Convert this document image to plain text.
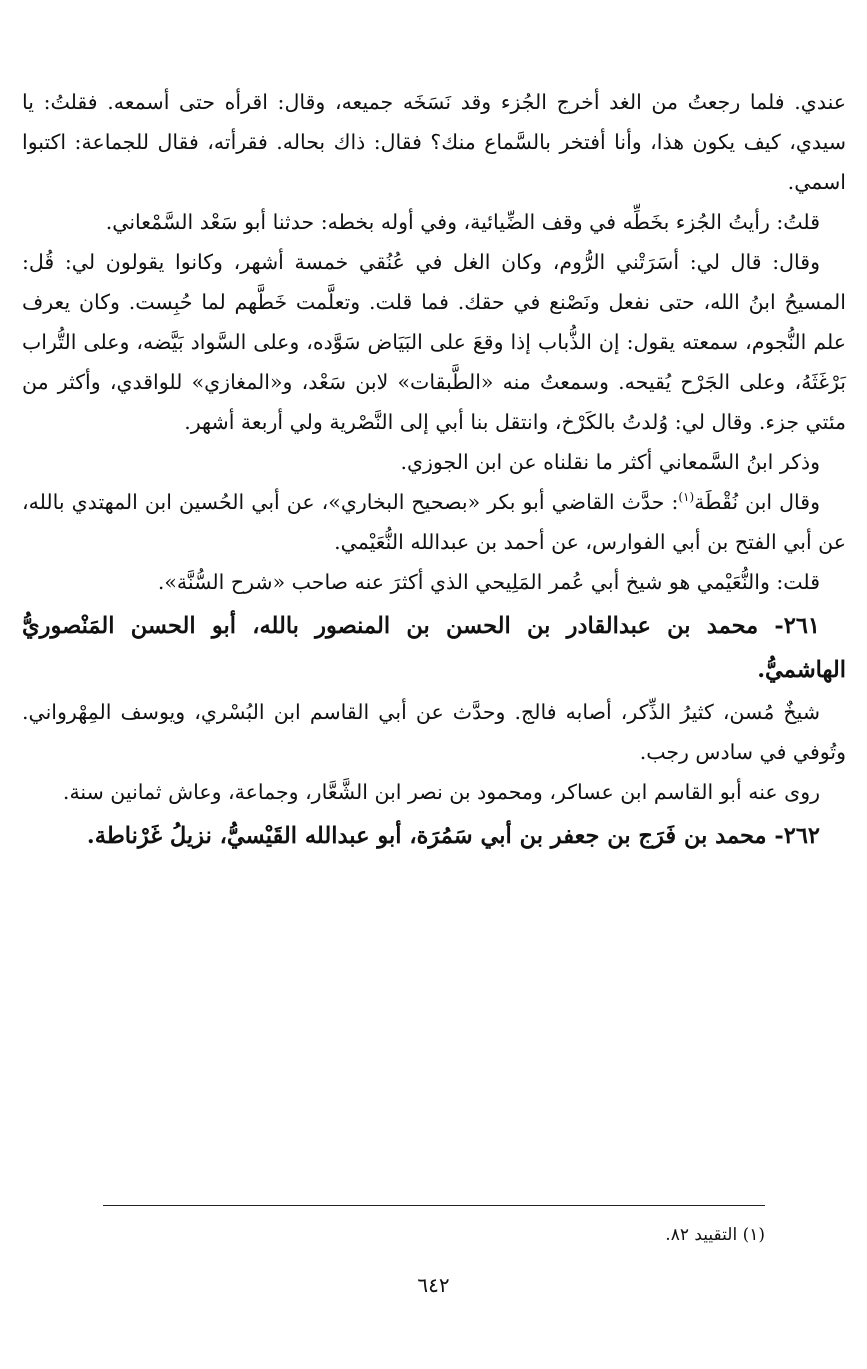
عندي. فلما رجعتُ من الغد أخرج الجُزء وقد نَسَخَه جميعه، وقال: اقرأه حتى أسمعه. فقلتُ: يا سيدي، كيف يكون هذا، وأنا أفتخر بالسَّماع منك؟ فقال: ذاك بحاله. فقرأته، فقال للجماعة: اكتبوا اسمي.

قلتُ: رأيتُ الجُزء بخَطِّه في وقف الضِّيائية، وفي أوله بخطه: حدثنا أبو سَعْد السَّمْعاني.

وقال: قال لي: أسَرَتْني الرُّوم، وكان الغل في عُنُقي خمسة أشهر، وكانوا يقولون لي: قُل: المسيحُ ابنُ الله، حتى نفعل ونَصْنع في حقك. فما قلت. وتعلَّمت خَطَّهم لما حُبِست. وكان يعرف علم النُّجوم، سمعته يقول: إن الذُّباب إذا وقعَ على البَيَاض سَوَّده، وعلى السَّواد بَيَّضه، وعلى التُّراب بَرْغَثَهُ، وعلى الجَرْح يُقيحه. وسمعتُ منه «الطَّبقات» لابن سَعْد، و«المغازي» للواقدي، وأكثر من مئتي جزء. وقال لي: وُلدتُ بالكَرْخ، وانتقل بنا أبي إلى النَّصْرية ولي أربعة أشهر.

وذكر ابنُ السَّمعاني أكثر ما نقلناه عن ابن الجوزي.

وقال ابن نُقْطَة$^{(١)}$: حدَّث القاضي أبو بكر «بصحيح البخاري»، عن أبي الحُسين ابن المهتدي بالله، عن أبي الفتح بن أبي الفوارس، عن أحمد بن عبدالله النُّعَيْمي.

قلت: والنُّعَيْمي هو شيخ أبي عُمر المَلِيحي الذي أكثرَ عنه صاحب «شرح السُّنَّة».

٢٦١- محمد بن عبدالقادر بن الحسن بن المنصور بالله، أبو الحسن المَنْصوريُّ الهاشميُّ.

شيخٌ مُسن، كثيرُ الذِّكر، أصابه فالج. وحدَّث عن أبي القاسم ابن البُسْري، ويوسف المِهْرواني. وتُوفي في سادس رجب.

روى عنه أبو القاسم ابن عساكر، ومحمود بن نصر ابن الشَّعَّار، وجماعة، وعاش ثمانين سنة.

٢٦٢- محمد بن فَرَج بن جعفر بن أبي سَمُرَة، أبو عبدالله القَيْسيُّ، نزيلُ غَرْناطة.

(١) التقييد ٨٢.
٦٤٢
